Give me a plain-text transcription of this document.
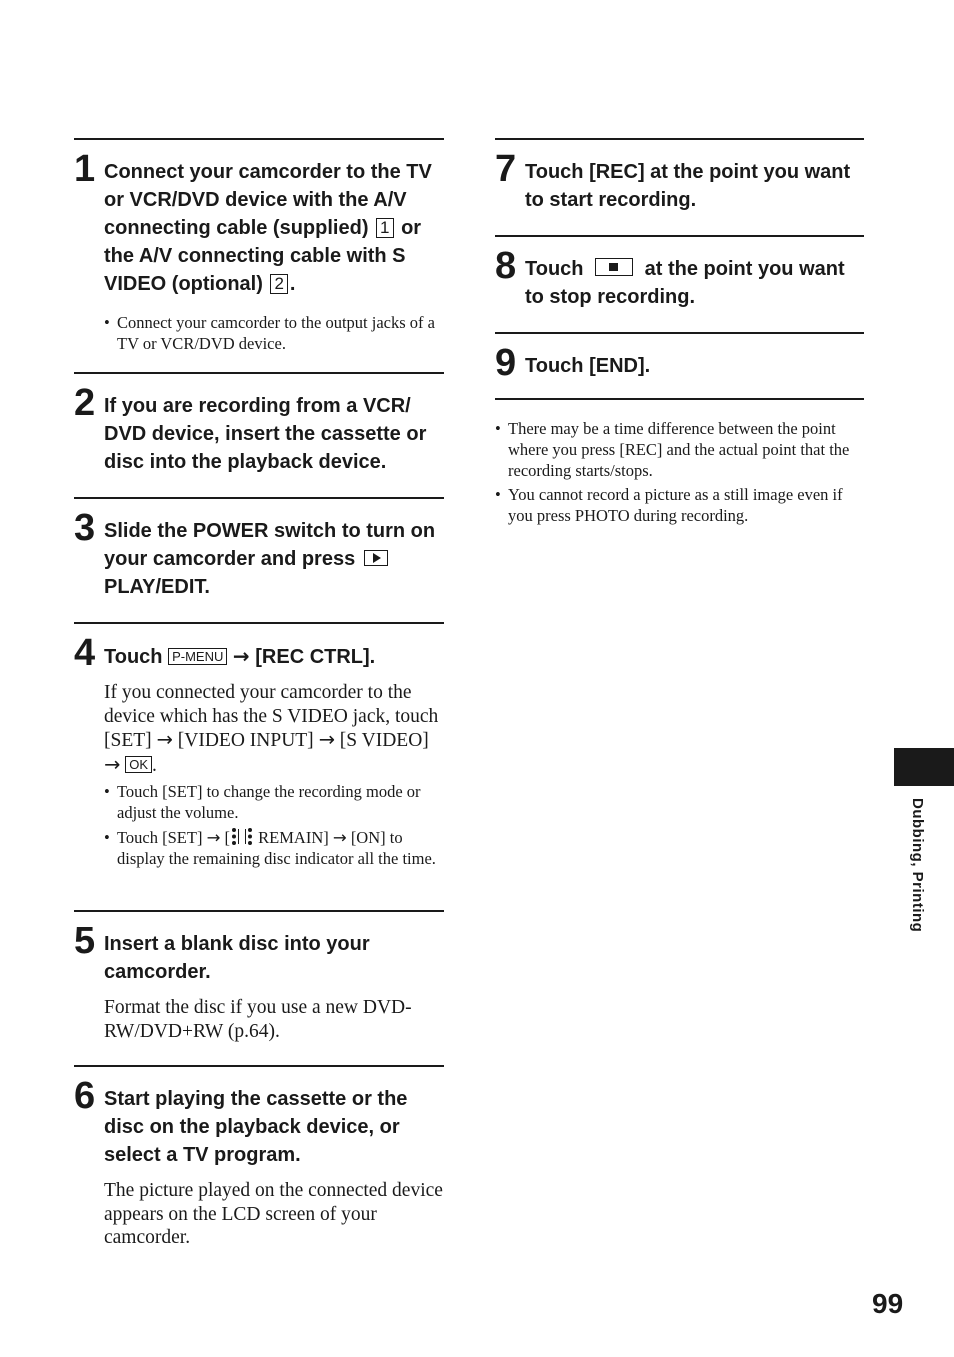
1 Connect your camcorder to the TV or VCR/DVD device with the A/V connecting cable (supplied) 1 or the A/V connecting cable with S VIDEO (optional) 2 .
• Connect your camcorder to the output jacks of a TV or VCR/DVD device.
2 If you are recording from a VCR/ DVD device, insert the cassette or disc into the playback device.
3 Slide the POWER switch to turn on your camcorder and press  PLAY/EDIT.
4 Touch P-MENU → [REC CTRL].
If you connected your camcorder to the device which has the S VIDEO jack, touch [SET] → [VIDEO INPUT] → [S VIDEO] → OK .
• Touch [SET] to change the recording mode or adjust the volume.
• Touch [SET] → [ REMAIN] → [ON] to display the remaining disc indicator all the time.
5 Insert a blank disc into your camcorder.
Format the disc if you use a new DVD-RW/DVD+RW (p.64).
6 Start playing the cassette or the disc on the playback device, or select a TV program.
The picture played on the connected device appears on the LCD screen of your camcorder.
7 Touch [REC] at the point you want to start recording.
8 Touch	at the point you want to stop recording.
9 Touch [END].
• There may be a time difference between the point where you press [REC] and the actual point that the recording starts/stops.
• You cannot record a picture as a still image even if you press PHOTO during recording.
Dubbing, Printing
99
